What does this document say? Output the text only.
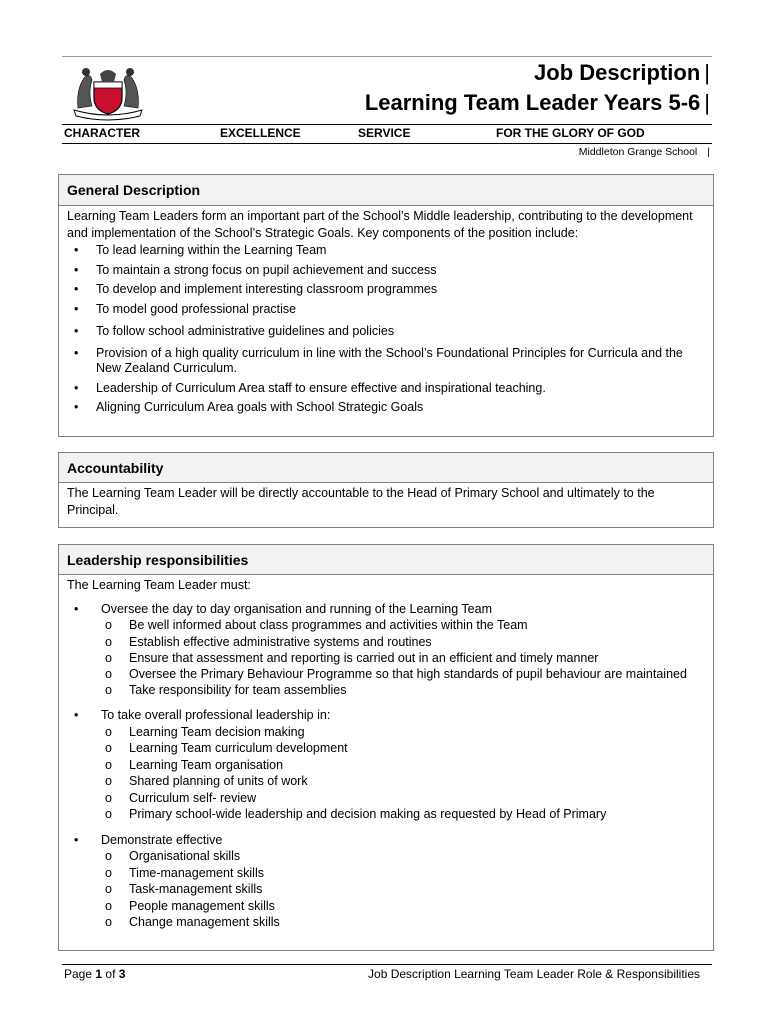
Job Description |
Learning Team Leader Years 5-6 |
CHARACTER	EXCELLENCE	SERVICE	FOR THE GLORY OF GOD
Middleton Grange School |
General Description
Learning Team Leaders form an important part of the School’s Middle leadership, contributing to the development and implementation of the School’s Strategic Goals. Key components of the position include:
• To lead learning within the Learning Team
• To maintain a strong focus on pupil achievement and success
• To develop and implement interesting classroom programmes
• To model good professional practise
• To follow school administrative guidelines and policies
• Provision of a high quality curriculum in line with the School’s Foundational Principles for Curricula and the New Zealand Curriculum.
• Leadership of Curriculum Area staff to ensure effective and inspirational teaching.
• Aligning Curriculum Area goals with School Strategic Goals
Accountability
The Learning Team Leader will be directly accountable to the Head of Primary School and ultimately to the Principal.
Leadership responsibilities
The Learning Team Leader must:
• Oversee the day to day organisation and running of the Learning Team
o Be well informed about class programmes and activities within the Team
o Establish effective administrative systems and routines
o Ensure that assessment and reporting is carried out in an efficient and timely manner
o Oversee the Primary Behaviour Programme so that high standards of pupil behaviour are maintained
o Take responsibility for team assemblies
• To take overall professional leadership in:
o Learning Team decision making
o Learning Team curriculum development
o Learning Team organisation
o Shared planning of units of work
o Curriculum self- review
o Primary school-wide leadership and decision making as requested by Head of Primary
• Demonstrate effective
o Organisational skills
o Time-management skills
o Task-management skills
o People management skills
o Change management skills
Page 1 of 3	Job Description Learning Team Leader Role & Responsibilities
